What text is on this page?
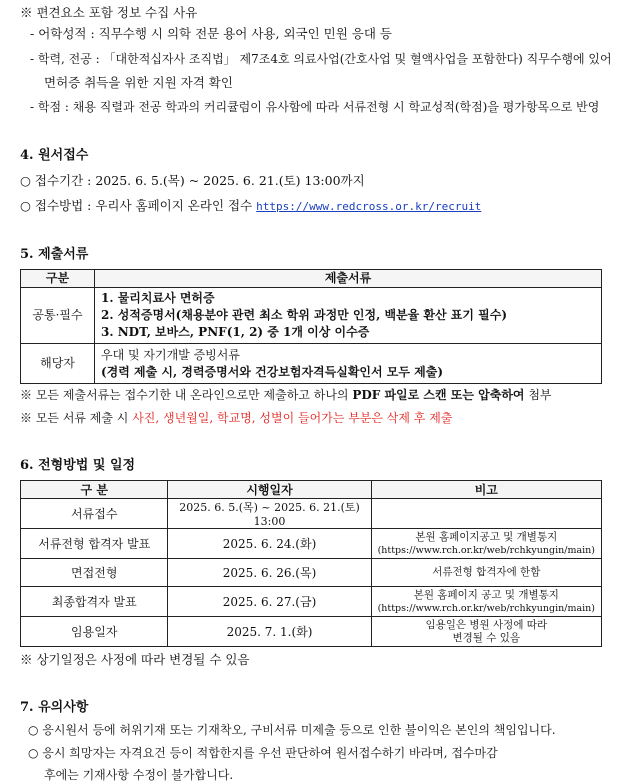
※ 편견요소 포함 정보 수집 사유
- 어학성적 : 직무수행 시 의학 전문 용어 사용, 외국인 민원 응대 등
- 학력, 전공 : 「대한적십자사 조직법」 제7조4호 의료사업(간호사업 및 혈액사업을 포함한다) 직무수행에 있어
면허증 취득을 위한 지원 자격 확인
- 학점 : 채용 직렬과 전공 학과의 커리큘럼이 유사함에 따라 서류전형 시 학교성적(학점)을 평가항목으로 반영
4. 원서접수
○ 접수기간 : 2025. 6. 5.(목) ~ 2025. 6. 21.(토) 13:00까지
○ 접수방법 : 우리사 홈페이지 온라인 접수 https://www.redcross.or.kr/recruit
5. 제출서류
구분	제출서류
공통·필수	1. 물리치료사 면허증
2. 성적증명서(채용분야 관련 최소 학위 과정만 인정, 백분율 환산 표기 필수)
3. NDT, 보바스, PNF(1, 2) 중 1개 이상 이수증

해당자	우대 및 자기개발 증빙서류
(경력 제출 시, 경력증명서와 건강보험자격득실확인서 모두 제출)
※ 모든 제출서류는 접수기한 내 온라인으로만 제출하고 하나의 PDF 파일로 스캔 또는 압축하여 첨부
※ 모든 서류 제출 시 사진, 생년월일, 학교명, 성별이 들어가는 부분은 삭제 후 제출
6. 전형방법 및 일정
구 분	시행일자	비고
서류접수	2025. 6. 5.(목) ~ 2025. 6. 21.(토) 13:00	

서류전형 합격자 발표	2025. 6. 24.(화)	본원 홈페이지공고 및 개별통지
(https://www.rch.or.kr/web/rchkyungin/main)

면접전형	2025. 6. 26.(목)	서류전형 합격자에 한함

최종합격자 발표	2025. 6. 27.(금)	본원 홈페이지 공고 및 개별통지
(https://www.rch.or.kr/web/rchkyungin/main)

임용일자	2025. 7. 1.(화)	임용일은 병원 사정에 따라
변경될 수 있음
※ 상기일정은 사정에 따라 변경될 수 있음
7. 유의사항
○ 응시원서 등에 허위기재 또는 기재착오, 구비서류 미제출 등으로 인한 불이익은 본인의 책임입니다.
○ 응시 희망자는 자격요건 등이 적합한지를 우선 판단하여 원서접수하기 바라며, 접수마감
후에는 기재사항 수정이 불가합니다.
